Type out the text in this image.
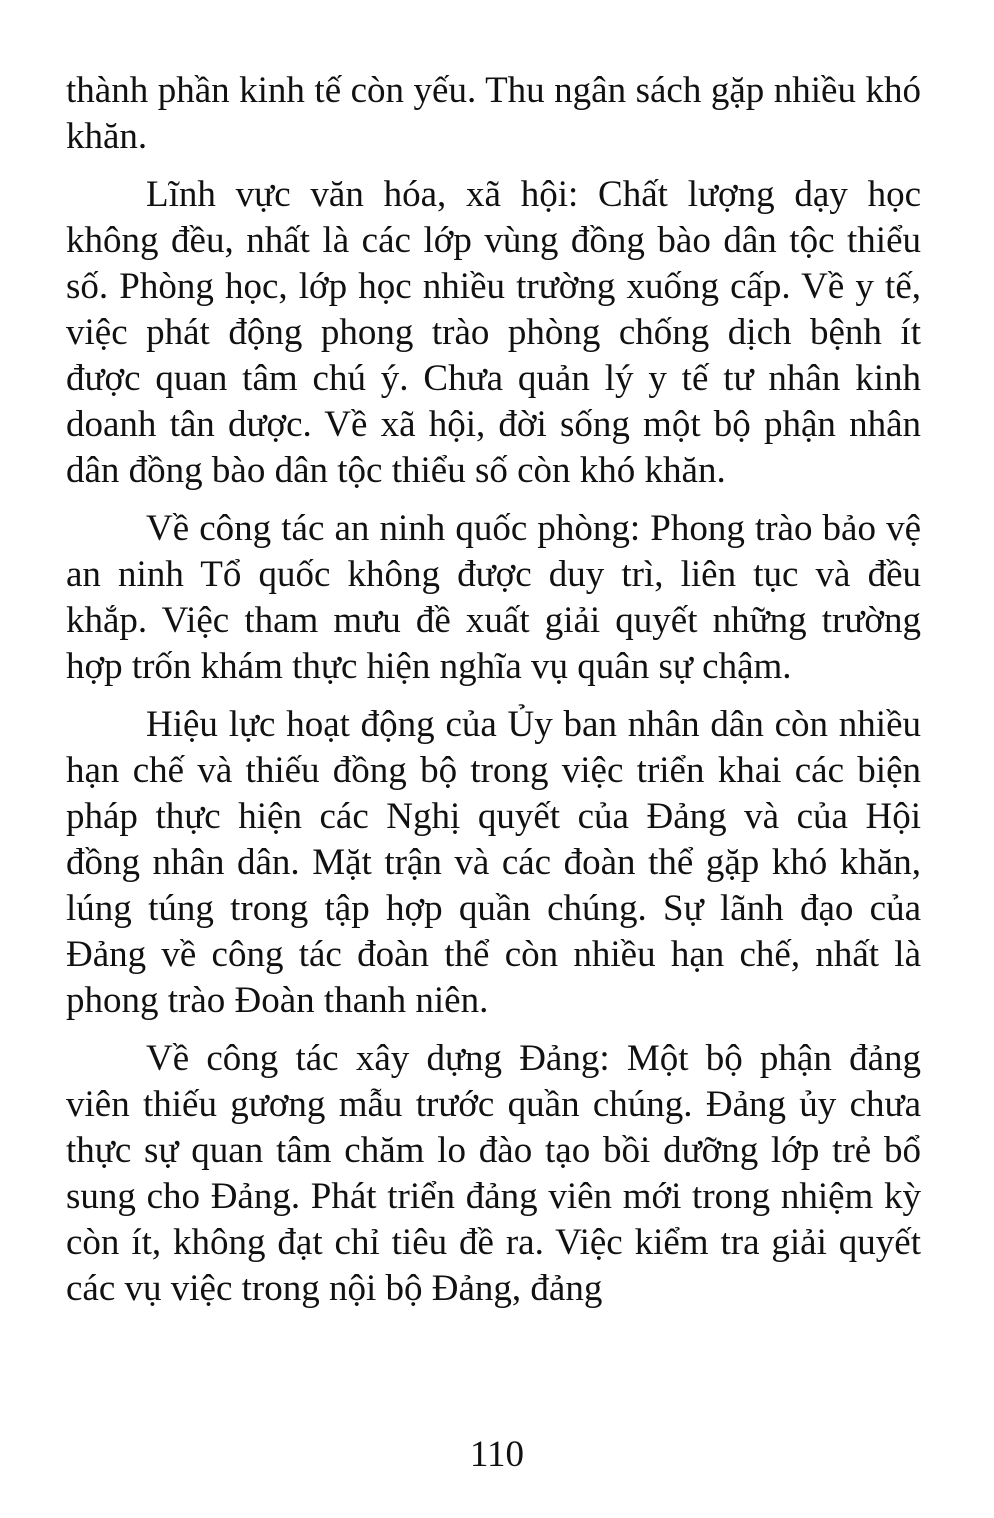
thành phần kinh tế còn yếu. Thu ngân sách gặp nhiều khó khăn.

Lĩnh vực văn hóa, xã hội: Chất lượng dạy học không đều, nhất là các lớp vùng đồng bào dân tộc thiểu số. Phòng học, lớp học nhiều trường xuống cấp. Về y tế, việc phát động phong trào phòng chống dịch bệnh ít được quan tâm chú ý. Chưa quản lý y tế tư nhân kinh doanh tân dược. Về xã hội, đời sống một bộ phận nhân dân đồng bào dân tộc thiểu số còn khó khăn.

Về công tác an ninh quốc phòng: Phong trào bảo vệ an ninh Tổ quốc không được duy trì, liên tục và đều khắp. Việc tham mưu đề xuất giải quyết những trường hợp trốn khám thực hiện nghĩa vụ quân sự chậm.

Hiệu lực hoạt động của Ủy ban nhân dân còn nhiều hạn chế và thiếu đồng bộ trong việc triển khai các biện pháp thực hiện các Nghị quyết của Đảng và của Hội đồng nhân dân. Mặt trận và các đoàn thể gặp khó khăn, lúng túng trong tập hợp quần chúng. Sự lãnh đạo của Đảng về công tác đoàn thể còn nhiều hạn chế, nhất là phong trào Đoàn thanh niên.

Về công tác xây dựng Đảng: Một bộ phận đảng viên thiếu gương mẫu trước quần chúng. Đảng ủy chưa thực sự quan tâm chăm lo đào tạo bồi dưỡng lớp trẻ bổ sung cho Đảng. Phát triển đảng viên mới trong nhiệm kỳ còn ít, không đạt chỉ tiêu đề ra. Việc kiểm tra giải quyết các vụ việc trong nội bộ Đảng, đảng

110
